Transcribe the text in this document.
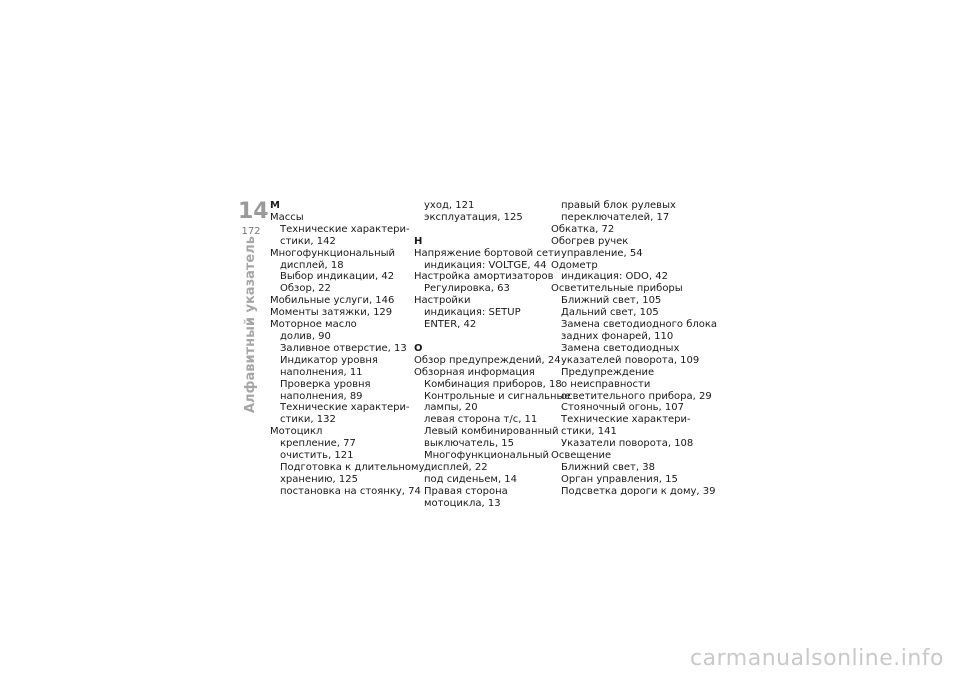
14
172
Алфавитный указатель
М
Массы
Технические характери-
стики, 142
Многофункциональный
дисплей, 18
Выбор индикации, 42
Обзор, 22
Мобильные услуги, 146
Моменты затяжки, 129
Моторное масло
долив, 90
Заливное отверстие, 13
Индикатор уровня
наполнения, 11
Проверка уровня
наполнения, 89
Технические характери-
стики, 132
Мотоцикл
крепление, 77
очистить, 121
Подготовка к длительному
хранению, 125
постановка на стоянку, 74
уход, 121
эксплуатация, 125

Н
Напряжение бортовой сети
индикация: VOLTGE, 44
Настройка амортизаторов
Регулировка, 63
Настройки
индикация: SETUP
ENTER, 42

О
Обзор предупреждений, 24
Обзорная информация
Комбинация приборов, 18
Контрольные и сигнальные
лампы, 20
левая сторона т/с, 11
Левый комбинированный
выключатель, 15
Многофункциональный
дисплей, 22
под сиденьем, 14
Правая сторона
мотоцикла, 13
правый блок рулевых
переключателей, 17
Обкатка, 72
Обогрев ручек
управление, 54
Одометр
индикация: ODO, 42
Осветительные приборы
Ближний свет, 105
Дальний свет, 105
Замена светодиодного блока
задних фонарей, 110
Замена светодиодных
указателей поворота, 109
Предупреждение
о неисправности
осветительного прибора, 29
Стояночный огонь, 107
Технические характери-
стики, 141
Указатели поворота, 108
Освещение
Ближний свет, 38
Орган управления, 15
Подсветка дороги к дому, 39
carmanualsonline.info
